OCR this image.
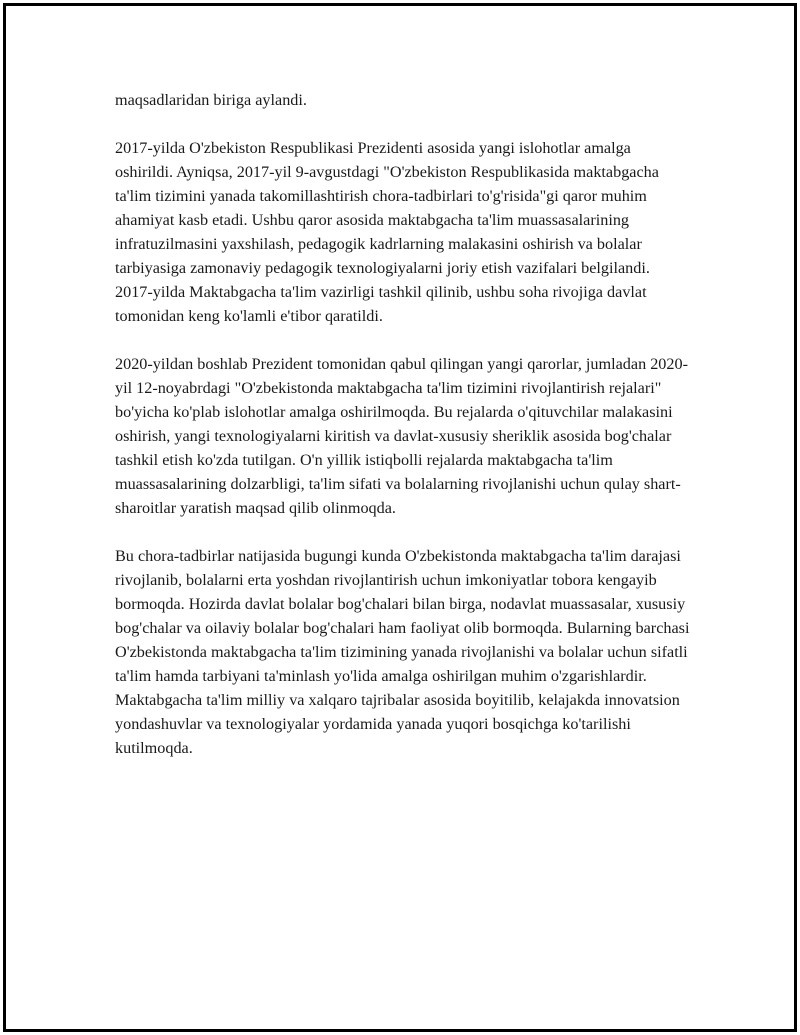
maqsadlaridan biriga aylandi.

2017-yilda O'zbekiston Respublikasi Prezidenti asosida yangi islohotlar amalga oshirildi. Ayniqsa, 2017-yil 9-avgustdagi "O'zbekiston Respublikasida maktabgacha ta'lim tizimini yanada takomillashtirish chora-tadbirlari to'g'risida"gi qaror muhim ahamiyat kasb etadi. Ushbu qaror asosida maktabgacha ta'lim muassasalarining infratuzilmasini yaxshilash, pedagogik kadrlarning malakasini oshirish va bolalar tarbiyasiga zamonaviy pedagogik texnologiyalarni joriy etish vazifalari belgilandi. 2017-yilda Maktabgacha ta'lim vazirligi tashkil qilinib, ushbu soha rivojiga davlat tomonidan keng ko'lamli e'tibor qaratildi.

2020-yildan boshlab Prezident tomonidan qabul qilingan yangi qarorlar, jumladan 2020-yil 12-noyabrdagi "O'zbekistonda maktabgacha ta'lim tizimini rivojlantirish rejalari" bo'yicha ko'plab islohotlar amalga oshirilmoqda. Bu rejalarda o'qituvchilar malakasini oshirish, yangi texnologiyalarni kiritish va davlat-xususiy sheriklik asosida bog'chalar tashkil etish ko'zda tutilgan. O'n yillik istiqbolli rejalarda maktabgacha ta'lim muassasalarining dolzarbligi, ta'lim sifati va bolalarning rivojlanishi uchun qulay shart-sharoitlar yaratish maqsad qilib olinmoqda.

Bu chora-tadbirlar natijasida bugungi kunda O'zbekistonda maktabgacha ta'lim darajasi rivojlanib, bolalarni erta yoshdan rivojlantirish uchun imkoniyatlar tobora kengayib bormoqda. Hozirda davlat bolalar bog'chalari bilan birga, nodavlat muassasalar, xususiy bog'chalar va oilaviy bolalar bog'chalari ham faoliyat olib bormoqda. Bularning barchasi O'zbekistonda maktabgacha ta'lim tizimining yanada rivojlanishi va bolalar uchun sifatli ta'lim hamda tarbiyani ta'minlash yo'lida amalga oshirilgan muhim o'zgarishlardir. Maktabgacha ta'lim milliy va xalqaro tajribalar asosida boyitilib, kelajakda innovatsion yondashuvlar va texnologiyalar yordamida yanada yuqori bosqichga ko'tarilishi kutilmoqda.
